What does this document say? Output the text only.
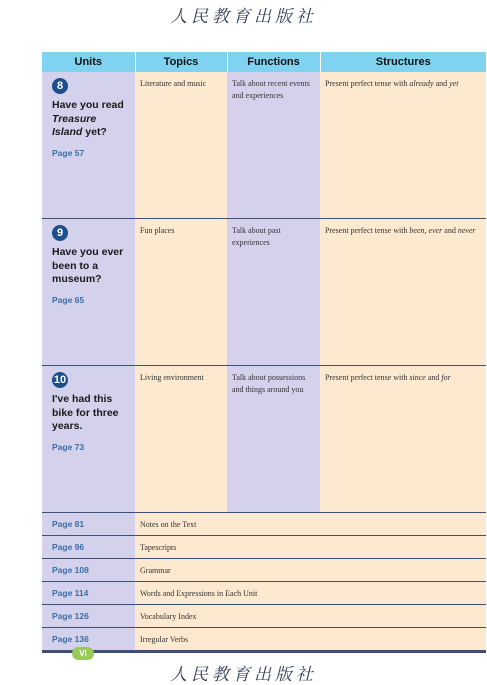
人民教育出版社
Units	Topics	Functions	Structures

8
Have you read Treasure Island yet?
Page 57	Literature and music	Talk about recent events and experiences	Present perfect tense with already and yet

9
Have you ever been to a museum?
Page 65	Fun places	Talk about past experiences	Present perfect tense with been, ever and never

10
I've had this bike for three years.
Page 73	Living environment	Talk about possessions and things around you	Present perfect tense with since and for

Page 81	Notes on the Text		
Page 96	Tapescripts		
Page 108	Grammar		
Page 114	Words and Expressions in Each Unit		
Page 126	Vocabulary Index		
Page 136	Irregular Verbs		
VI
人民教育出版社
